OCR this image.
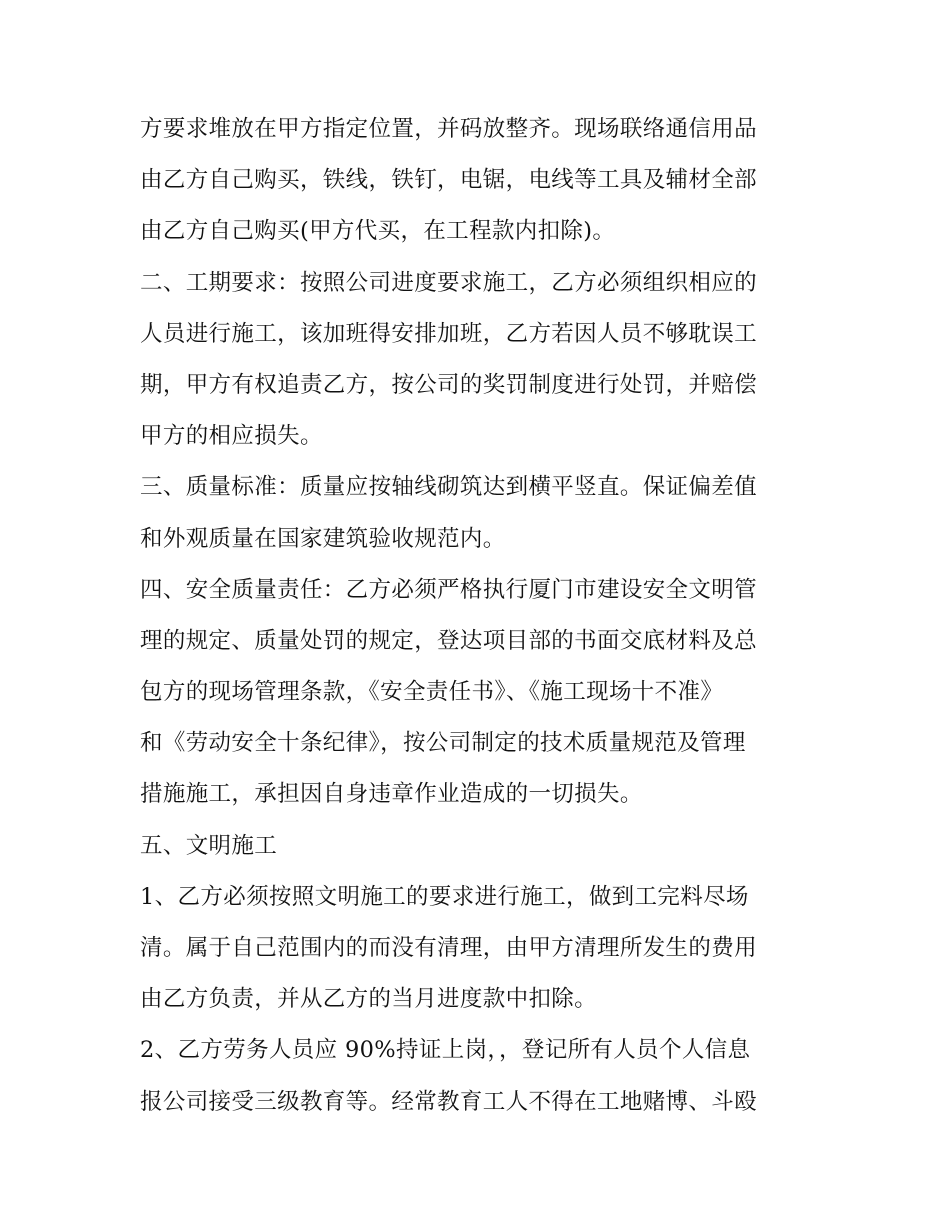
方要求堆放在甲方指定位置，并码放整齐。现场联络通信用品
由乙方自己购买，铁线，铁钉，电锯，电线等工具及辅材全部
由乙方自己购买(甲方代买，在工程款内扣除)。
二、工期要求：按照公司进度要求施工，乙方必须组织相应的
人员进行施工，该加班得安排加班，乙方若因人员不够耽误工
期，甲方有权追责乙方，按公司的奖罚制度进行处罚，并赔偿
甲方的相应损失。
三、质量标准：质量应按轴线砌筑达到横平竖直。保证偏差值
和外观质量在国家建筑验收规范内。
四、安全质量责任：乙方必须严格执行厦门市建设安全文明管
理的规定、质量处罚的规定，登达项目部的书面交底材料及总
包方的现场管理条款，《安全责任书》、《施工现场十不准》
和《劳动安全十条纪律》，按公司制定的技术质量规范及管理
措施施工，承担因自身违章作业造成的一切损失。
五、文明施工
1、乙方必须按照文明施工的要求进行施工，做到工完料尽场
清。属于自己范围内的而没有清理，由甲方清理所发生的费用
由乙方负责，并从乙方的当月进度款中扣除。
2、乙方劳务人员应 90%持证上岗，，登记所有人员个人信息
报公司接受三级教育等。经常教育工人不得在工地赌博、斗殴
